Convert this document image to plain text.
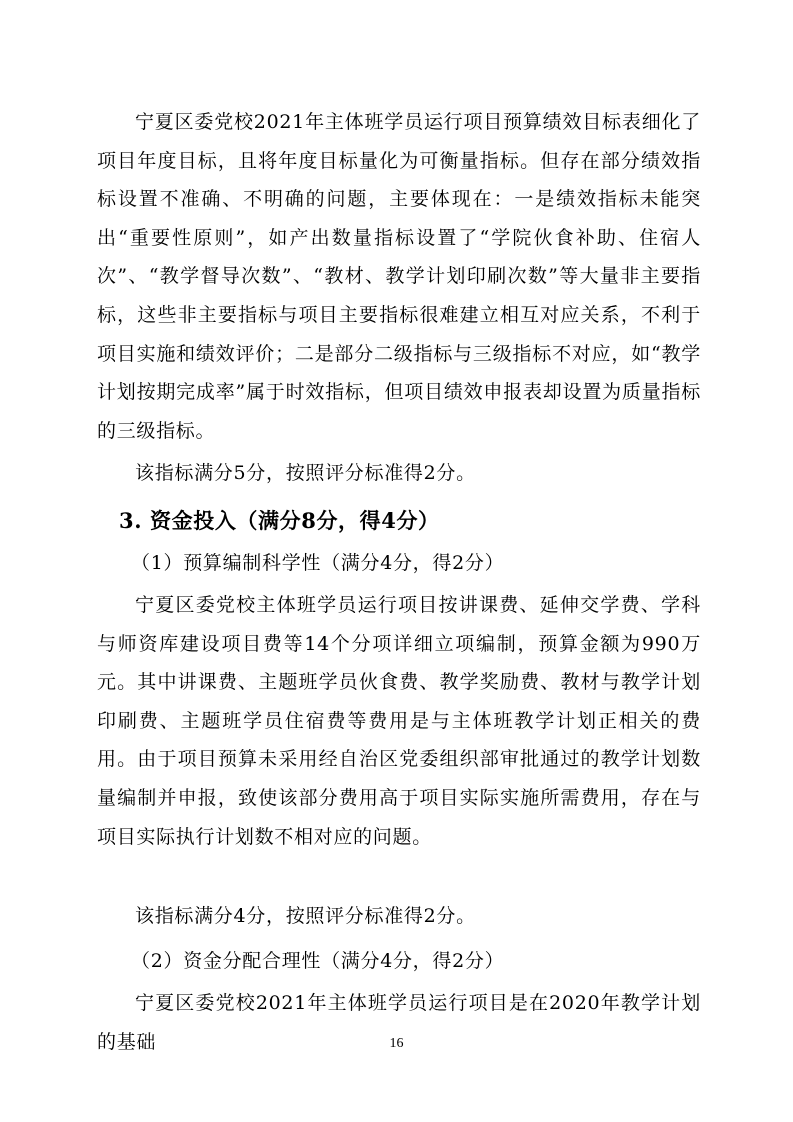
宁夏区委党校2021年主体班学员运行项目预算绩效目标表细化了项目年度目标，且将年度目标量化为可衡量指标。但存在部分绩效指标设置不准确、不明确的问题，主要体现在：一是绩效指标未能突出“重要性原则”，如产出数量指标设置了“学院伙食补助、住宿人次”、“教学督导次数”、“教材、教学计划印刷次数”等大量非主要指标，这些非主要指标与项目主要指标很难建立相互对应关系，不利于项目实施和绩效评价；二是部分二级指标与三级指标不对应，如“教学计划按期完成率”属于时效指标，但项目绩效申报表却设置为质量指标的三级指标。

该指标满分5分，按照评分标准得2分。

3. 资金投入（满分8分，得4分）

（1）预算编制科学性（满分4分，得2分）

宁夏区委党校主体班学员运行项目按讲课费、延伸交学费、学科与师资库建设项目费等14个分项详细立项编制，预算金额为990万元。其中讲课费、主题班学员伙食费、教学奖励费、教材与教学计划印刷费、主题班学员住宿费等费用是与主体班教学计划正相关的费用。由于项目预算未采用经自治区党委组织部审批通过的教学计划数量编制并申报，致使该部分费用高于项目实际实施所需费用，存在与项目实际执行计划数不相对应的问题。

该指标满分4分，按照评分标准得2分。

（2）资金分配合理性（满分4分，得2分）

宁夏区委党校2021年主体班学员运行项目是在2020年教学计划的基础	16
